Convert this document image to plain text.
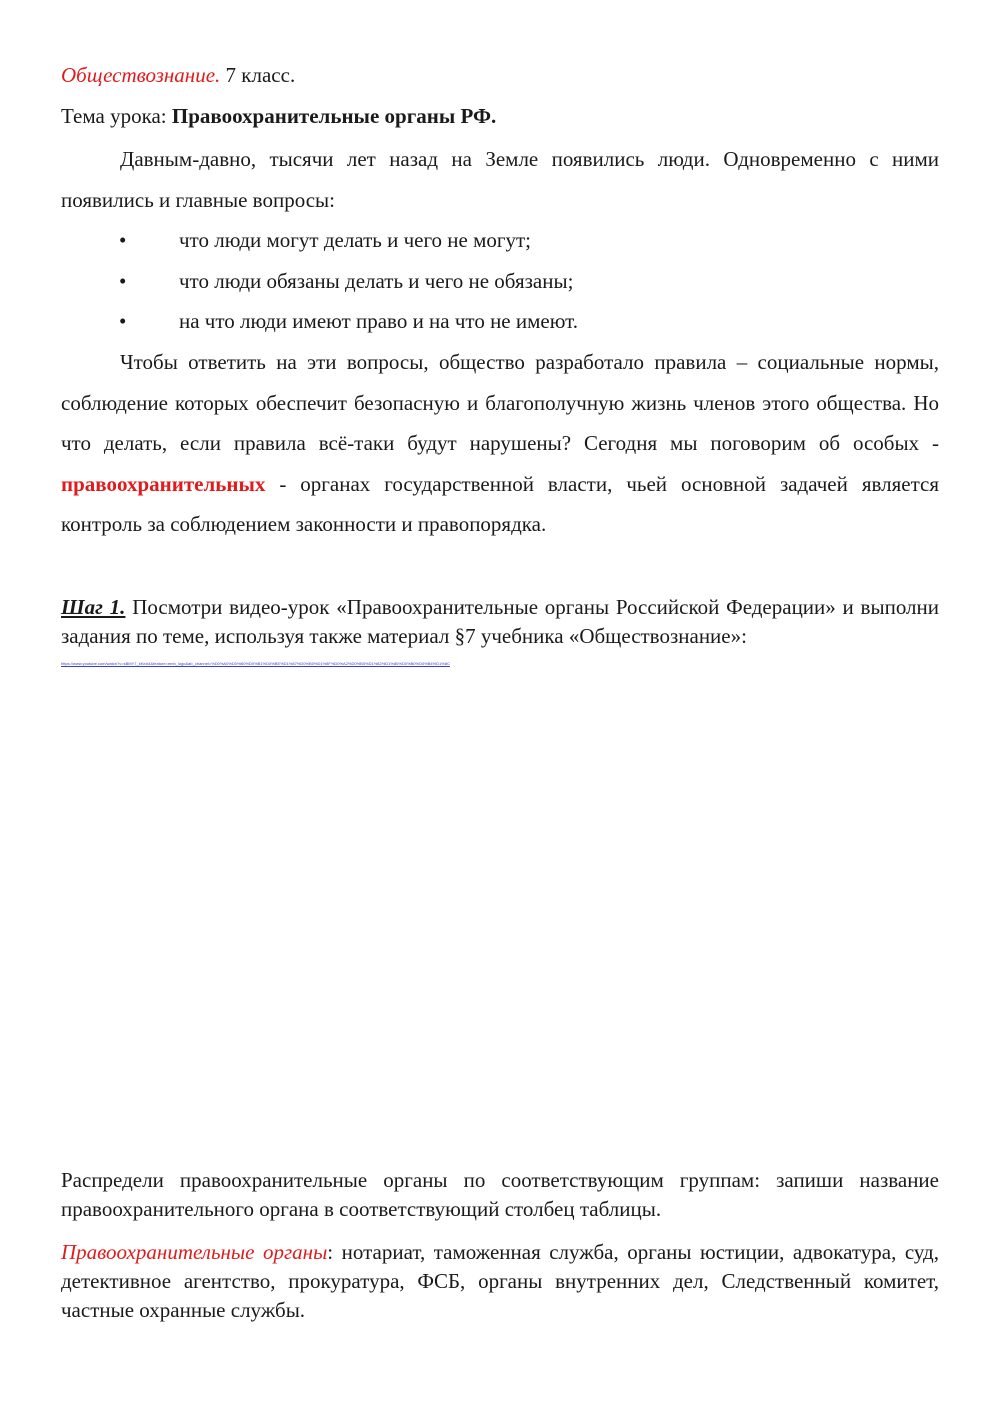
Обществознание. 7 класс.

Тема урока: Правоохранительные органы РФ.

Давным-давно, тысячи лет назад на Земле появились люди. Одновременно с ними появились и главные вопросы:

•	что люди могут делать и чего не могут;
•	что люди обязаны делать и чего не обязаны;
•	на что люди имеют право и на что не имеют.

Чтобы ответить на эти вопросы, общество разработало правила – социальные нормы, соблюдение которых обеспечит безопасную и благополучную жизнь членов этого общества. Но что делать, если правила всё-таки будут нарушены? Сегодня мы поговорим об особых - правоохранительных - органах государственной власти, чьей основной задачей является контроль за соблюдением законности и правопорядка.

Шаг 1. Посмотри видео-урок «Правоохранительные органы Российской Федерации» и выполни задания по теме, используя также материал §7 учебника «Обществознание»:

https://www.youtube.com/watch?v=sBMY7_kKeA4&feature=emb_logo&ab_channel=%D0%A0%D0%B0%D0%B1%D0%BE%D1%87%D0%B0%D1%8F%D0%A2%D0%B5%D1%82%D1%80%D0%B0%D0%B4%D1%8C

Распредели правоохранительные органы по соответствующим группам: запиши название правоохранительного органа в соответствующий столбец таблицы.

Правоохранительные органы: нотариат, таможенная служба, органы юстиции, адвокатура, суд, детективное агентство, прокуратура, ФСБ, органы внутренних дел, Следственный комитет, частные охранные службы.
